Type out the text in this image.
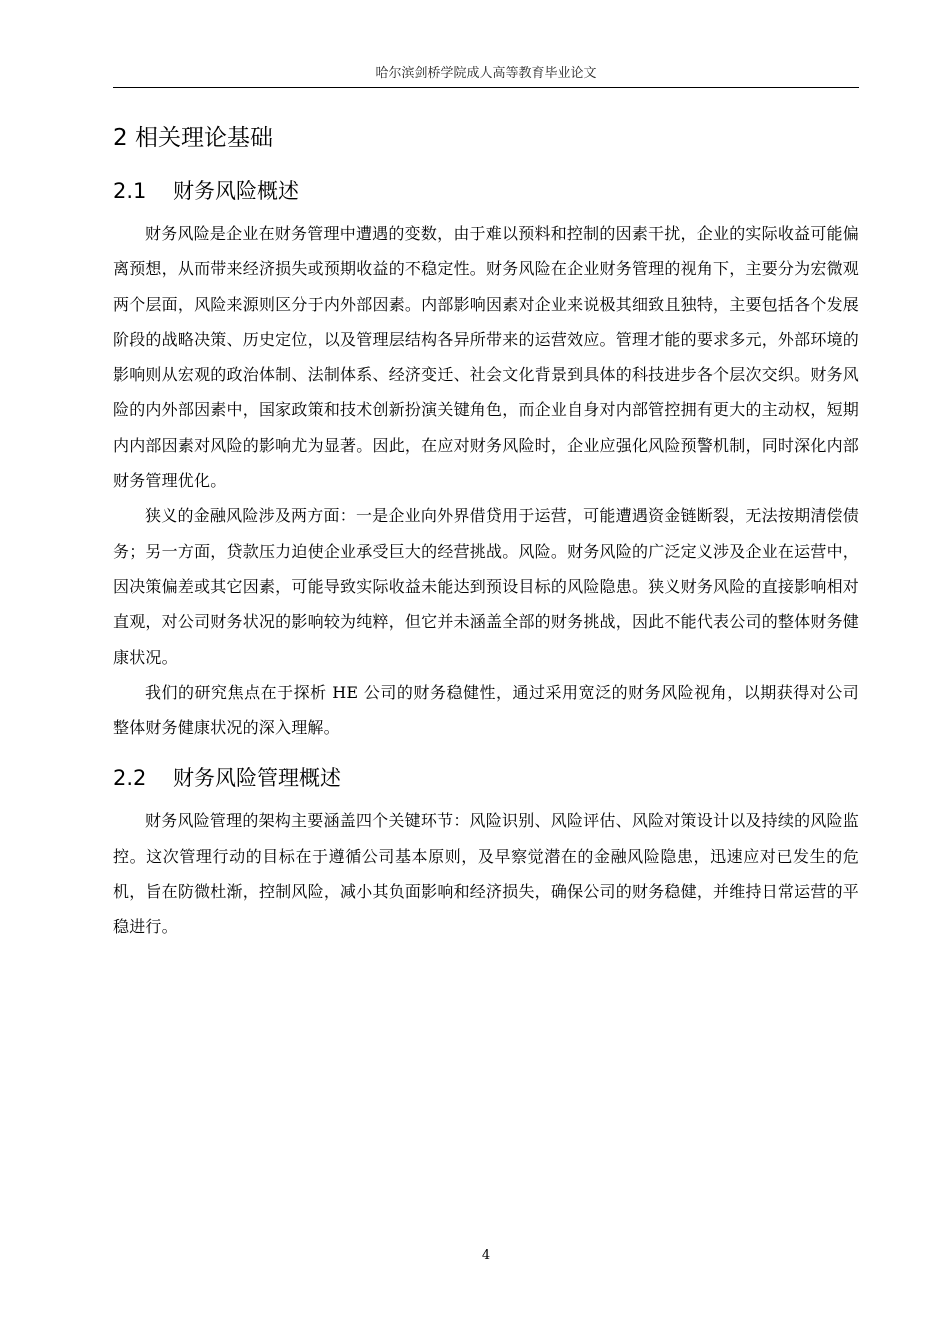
哈尔滨剑桥学院成人高等教育毕业论文
2 相关理论基础
2.1 财务风险概述

财务风险是企业在财务管理中遭遇的变数，由于难以预料和控制的因素干扰，企业的实际收益可能偏离预想，从而带来经济损失或预期收益的不稳定性。财务风险在企业财务管理的视角下，主要分为宏微观两个层面，风险来源则区分于内外部因素。内部影响因素对企业来说极其细致且独特，主要包括各个发展阶段的战略决策、历史定位，以及管理层结构各异所带来的运营效应。管理才能的要求多元，外部环境的影响则从宏观的政治体制、法制体系、经济变迁、社会文化背景到具体的科技进步各个层次交织。财务风险的内外部因素中，国家政策和技术创新扮演关键角色，而企业自身对内部管控拥有更大的主动权，短期内内部因素对风险的影响尤为显著。因此，在应对财务风险时，企业应强化风险预警机制，同时深化内部财务管理优化。

狭义的金融风险涉及两方面：一是企业向外界借贷用于运营，可能遭遇资金链断裂，无法按期清偿债务；另一方面，贷款压力迫使企业承受巨大的经营挑战。风险。财务风险的广泛定义涉及企业在运营中，因决策偏差或其它因素，可能导致实际收益未能达到预设目标的风险隐患。狭义财务风险的直接影响相对直观，对公司财务状况的影响较为纯粹，但它并未涵盖全部的财务挑战，因此不能代表公司的整体财务健康状况。

我们的研究焦点在于探析 HE 公司的财务稳健性，通过采用宽泛的财务风险视角，以期获得对公司整体财务健康状况的深入理解。

2.2 财务风险管理概述

财务风险管理的架构主要涵盖四个关键环节：风险识别、风险评估、风险对策设计以及持续的风险监控。这次管理行动的目标在于遵循公司基本原则，及早察觉潜在的金融风险隐患，迅速应对已发生的危机，旨在防微杜渐，控制风险，减小其负面影响和经济损失，确保公司的财务稳健，并维持日常运营的平稳进行。

4
